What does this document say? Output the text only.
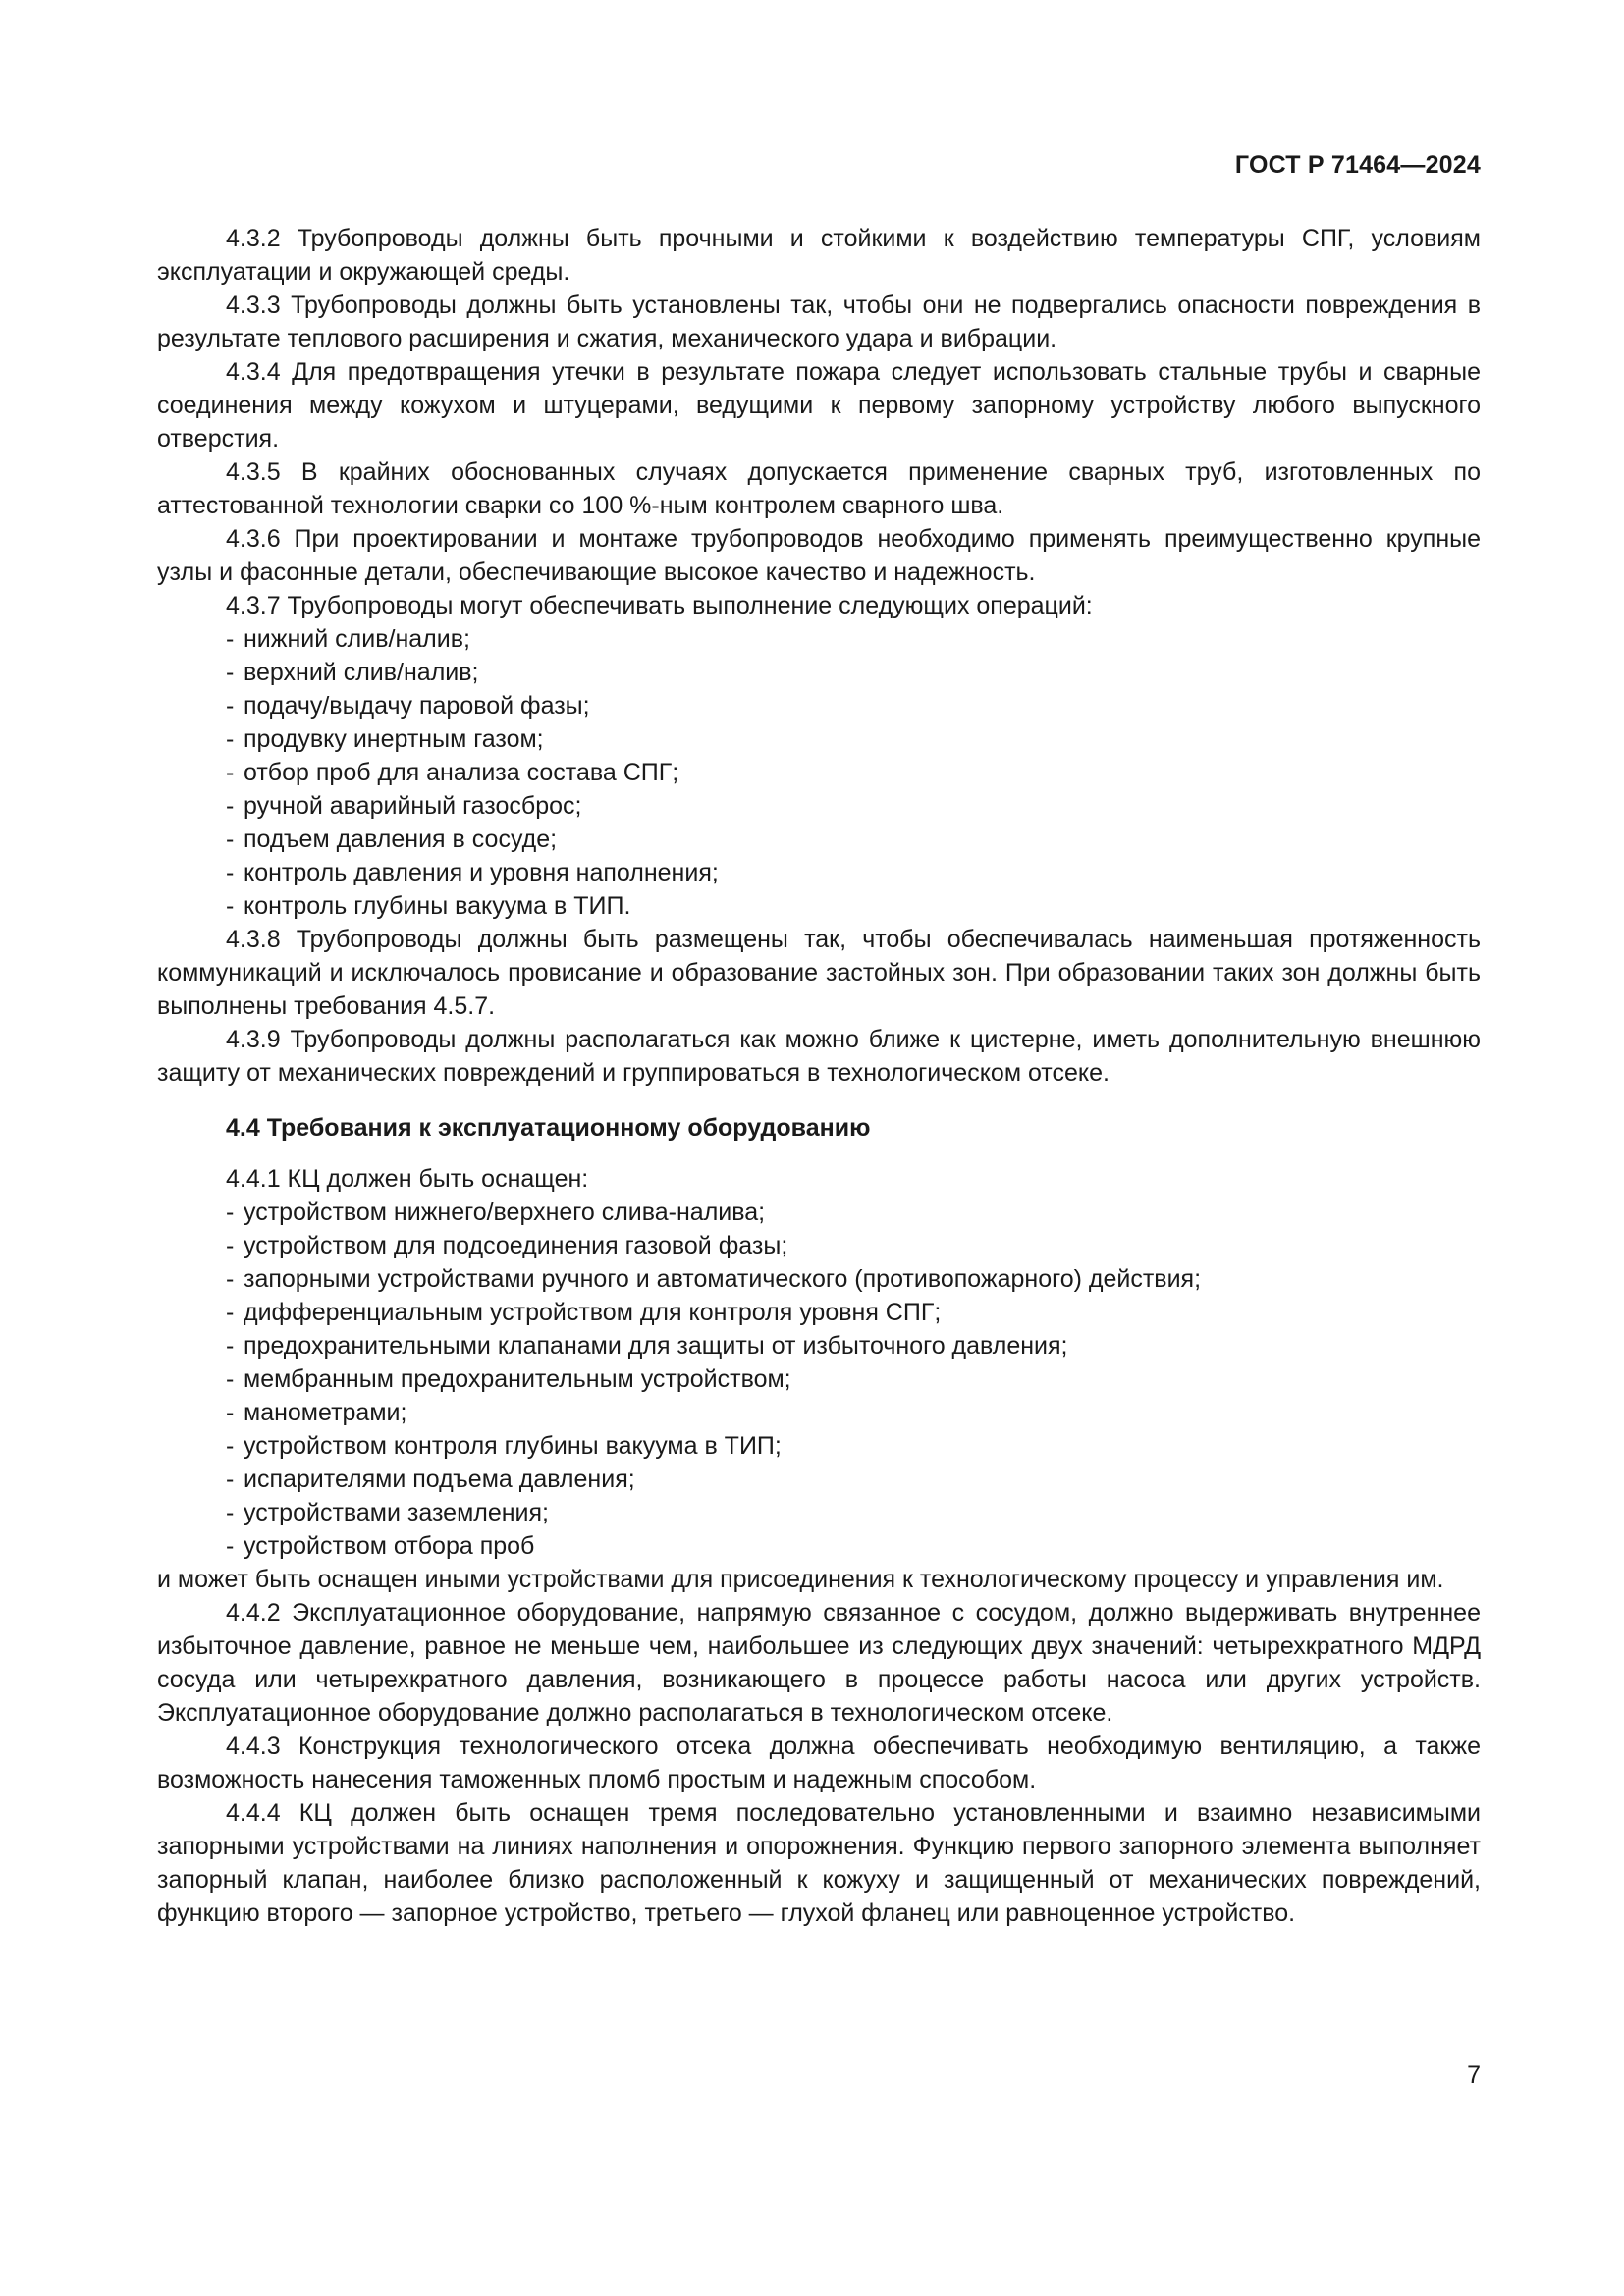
ГОСТ Р 71464—2024

4.3.2 Трубопроводы должны быть прочными и стойкими к воздействию температуры СПГ, условиям эксплуатации и окружающей среды.

4.3.3 Трубопроводы должны быть установлены так, чтобы они не подвергались опасности повреждения в результате теплового расширения и сжатия, механического удара и вибрации.

4.3.4 Для предотвращения утечки в результате пожара следует использовать стальные трубы и сварные соединения между кожухом и штуцерами, ведущими к первому запорному устройству любого выпускного отверстия.

4.3.5 В крайних обоснованных случаях допускается применение сварных труб, изготовленных по аттестованной технологии сварки со 100 %-ным контролем сварного шва.

4.3.6 При проектировании и монтаже трубопроводов необходимо применять преимущественно крупные узлы и фасонные детали, обеспечивающие высокое качество и надежность.

4.3.7 Трубопроводы могут обеспечивать выполнение следующих операций:

- нижний слив/налив;
- верхний слив/налив;
- подачу/выдачу паровой фазы;
- продувку инертным газом;
- отбор проб для анализа состава СПГ;
- ручной аварийный газосброс;
- подъем давления в сосуде;
- контроль давления и уровня наполнения;
- контроль глубины вакуума в ТИП.

4.3.8 Трубопроводы должны быть размещены так, чтобы обеспечивалась наименьшая протяженность коммуникаций и исключалось провисание и образование застойных зон. При образовании таких зон должны быть выполнены требования 4.5.7.

4.3.9 Трубопроводы должны располагаться как можно ближе к цистерне, иметь дополнительную внешнюю защиту от механических повреждений и группироваться в технологическом отсеке.

4.4 Требования к эксплуатационному оборудованию

4.4.1 КЦ должен быть оснащен:

- устройством нижнего/верхнего слива-налива;
- устройством для подсоединения газовой фазы;
- запорными устройствами ручного и автоматического (противопожарного) действия;
- дифференциальным устройством для контроля уровня СПГ;
- предохранительными клапанами для защиты от избыточного давления;
- мембранным предохранительным устройством;
- манометрами;
- устройством контроля глубины вакуума в ТИП;
- испарителями подъема давления;
- устройствами заземления;
- устройством отбора проб

и может быть оснащен иными устройствами для присоединения к технологическому процессу и управления им.

4.4.2 Эксплуатационное оборудование, напрямую связанное с сосудом, должно выдерживать внутреннее избыточное давление, равное не меньше чем, наибольшее из следующих двух значений: четырехкратного МДРД сосуда или четырехкратного давления, возникающего в процессе работы насоса или других устройств. Эксплуатационное оборудование должно располагаться в технологическом отсеке.

4.4.3 Конструкция технологического отсека должна обеспечивать необходимую вентиляцию, а также возможность нанесения таможенных пломб простым и надежным способом.

4.4.4 КЦ должен быть оснащен тремя последовательно установленными и взаимно независимыми запорными устройствами на линиях наполнения и опорожнения. Функцию первого запорного элемента выполняет запорный клапан, наиболее близко расположенный к кожуху и защищенный от механических повреждений, функцию второго — запорное устройство, третьего — глухой фланец или равноценное устройство.

7
